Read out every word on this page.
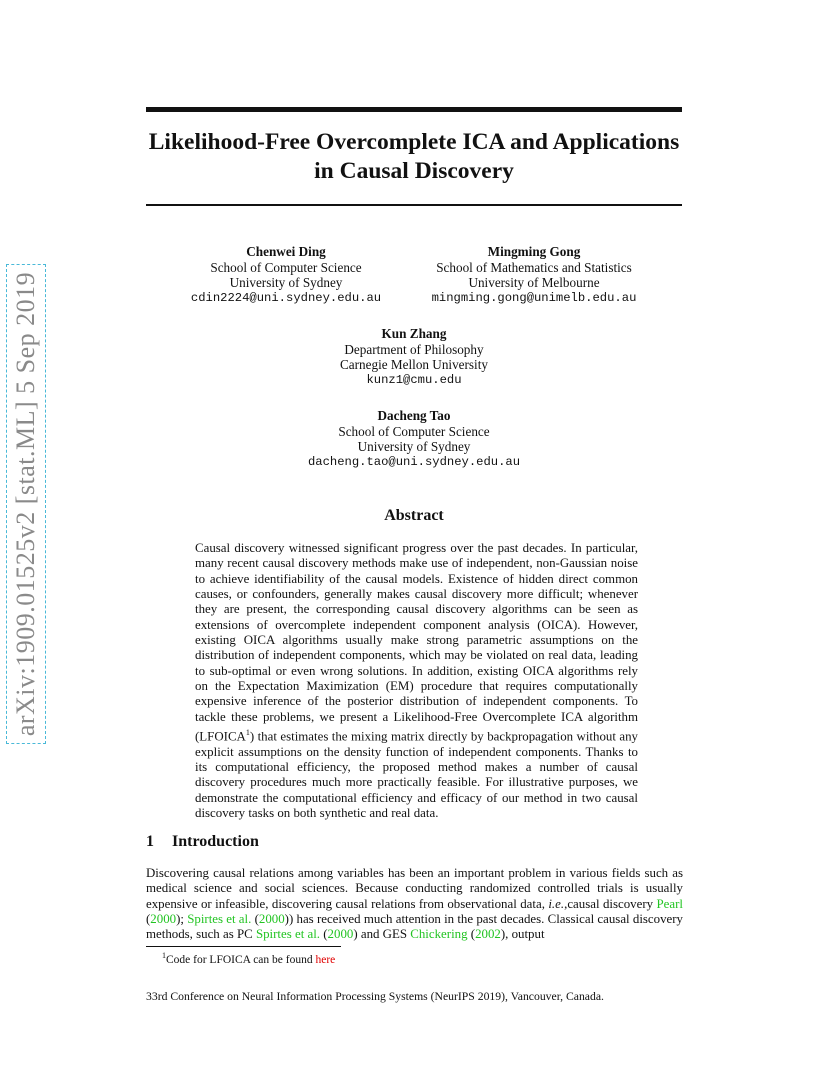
arXiv:1909.01525v2 [stat.ML] 5 Sep 2019
Likelihood-Free Overcomplete ICA and Applications
in Causal Discovery
Chenwei Ding
School of Computer Science
University of Sydney
cdin2224@uni.sydney.edu.au
Mingming Gong
School of Mathematics and Statistics
University of Melbourne
mingming.gong@unimelb.edu.au
Kun Zhang
Department of Philosophy
Carnegie Mellon University
kunz1@cmu.edu
Dacheng Tao
School of Computer Science
University of Sydney
dacheng.tao@uni.sydney.edu.au
Abstract
Causal discovery witnessed significant progress over the past decades. In particular, many recent causal discovery methods make use of independent, non-Gaussian noise to achieve identifiability of the causal models. Existence of hidden direct common causes, or confounders, generally makes causal discovery more difficult; whenever they are present, the corresponding causal discovery algorithms can be seen as extensions of overcomplete independent component analysis (OICA). However, existing OICA algorithms usually make strong parametric assumptions on the distribution of independent components, which may be violated on real data, leading to sub-optimal or even wrong solutions. In addition, existing OICA algorithms rely on the Expectation Maximization (EM) procedure that requires computationally expensive inference of the posterior distribution of independent components. To tackle these problems, we present a Likelihood-Free Overcomplete ICA algorithm (LFOICA$^1$) that estimates the mixing matrix directly by backpropagation without any explicit assumptions on the density function of independent components. Thanks to its computational efficiency, the proposed method makes a number of causal discovery procedures much more practically feasible. For illustrative purposes, we demonstrate the computational efficiency and efficacy of our method in two causal discovery tasks on both synthetic and real data.
1 Introduction
Discovering causal relations among variables has been an important problem in various fields such as medical science and social sciences. Because conducting randomized controlled trials is usually expensive or infeasible, discovering causal relations from observational data, i.e.,causal discovery Pearl (2000); Spirtes et al. (2000)) has received much attention in the past decades. Classical causal discovery methods, such as PC Spirtes et al. (2000) and GES Chickering (2002), output
$^1$Code for LFOICA can be found here
33rd Conference on Neural Information Processing Systems (NeurIPS 2019), Vancouver, Canada.
